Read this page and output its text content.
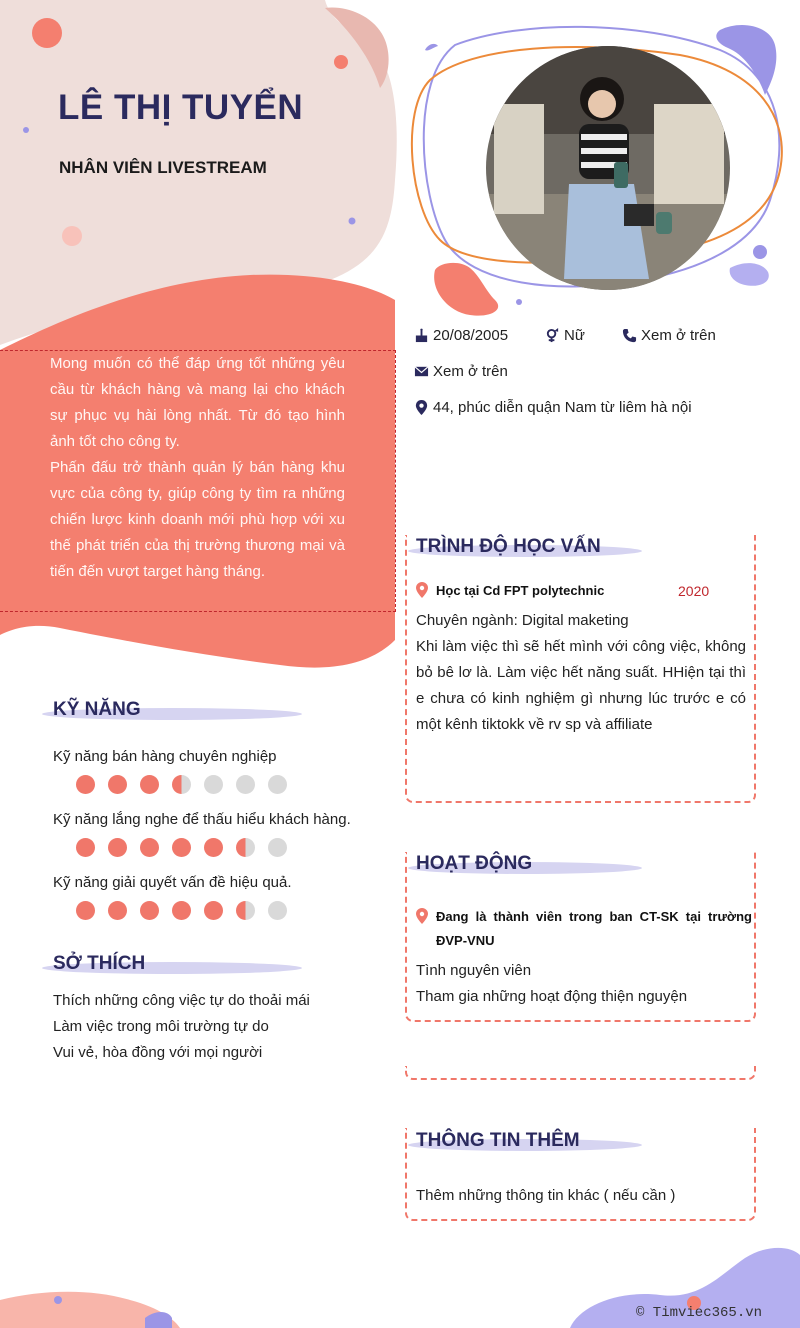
LÊ THỊ TUYỂN
NHÂN VIÊN LIVESTREAM

Mong muốn có thể đáp ứng tốt những yêu cầu từ khách hàng và mang lại cho khách sự phục vụ hài lòng nhất. Từ đó tạo hình ảnh tốt cho công ty.

Phấn đấu trở thành quản lý bán hàng khu vực của công ty, giúp công ty tìm ra những chiến lược kinh doanh mới phù hợp với xu thế phát triển của thị trường thương mại và tiến đến vượt target hàng tháng.

20/08/2005	Nữ	Xem ở trên
Xem ở trên
44, phúc diễn quận Nam từ liêm hà nội
KỸ NĂNG
Kỹ năng bán hàng chuyên nghiệp
Kỹ năng lắng nghe để thấu hiểu khách hàng.
Kỹ năng giải quyết vấn đề hiệu quả.
SỞ THÍCH
Thích những công việc tự do thoải mái
Làm việc trong môi trường tự do
Vui vẻ, hòa đồng với mọi người
TRÌNH ĐỘ HỌC VẤN
Học tại Cd FPT polytechnic	2020
Chuyên ngành: Digital maketing
Khi làm việc thì sẽ hết mình với công việc, không bỏ bê lơ là. Làm việc hết năng suất. HHiện tại thì e chưa có kinh nghiệm gì nhưng lúc trước e có một kênh tiktokk về rv sp và affiliate
HOẠT ĐỘNG
Đang là thành viên trong ban CT-SK tại trường ĐVP-VNU
Tình nguyên viên
Tham gia những hoạt động thiện nguyện
THÔNG TIN THÊM
Thêm những thông tin khác ( nếu cần )
© Timviec365.vn
